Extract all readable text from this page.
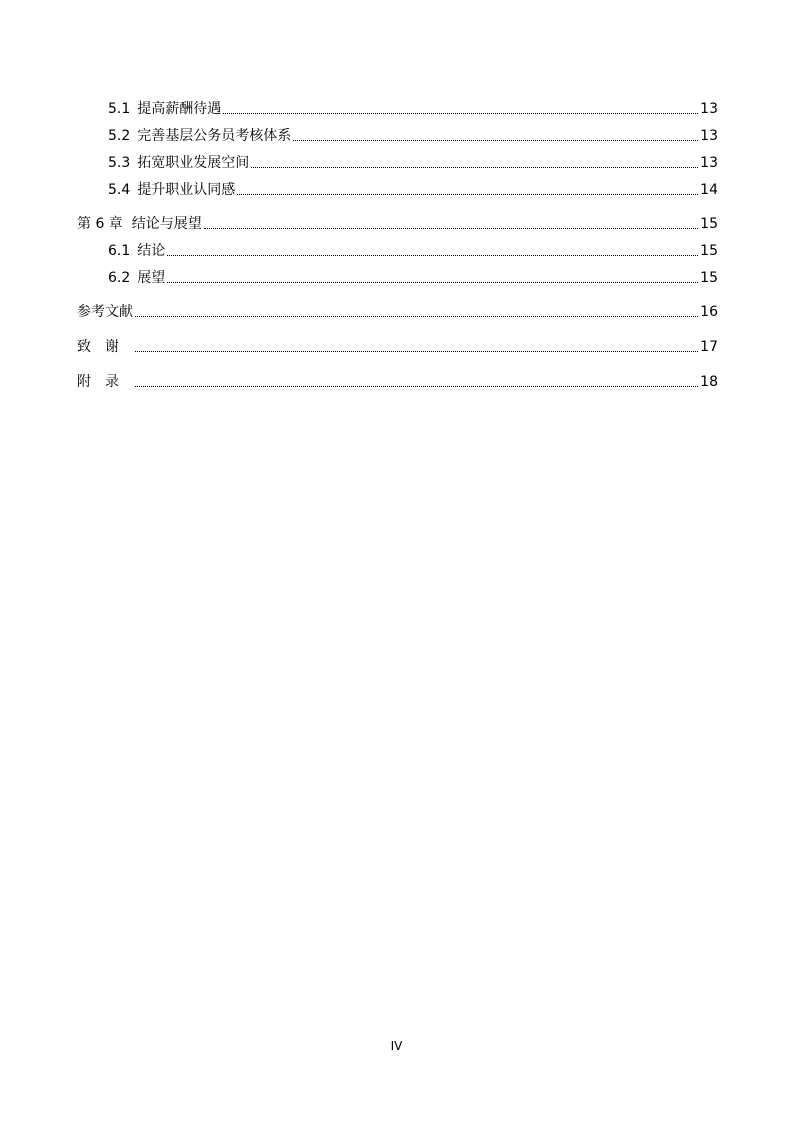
5.1 提高薪酬待遇	13
5.2 完善基层公务员考核体系	13
5.3 拓宽职业发展空间	13
5.4 提升职业认同感	14
第 6 章  结论与展望	15
6.1 结论	15
6.2 展望	15
参考文献	16
致谢	17
附录	18
IV
